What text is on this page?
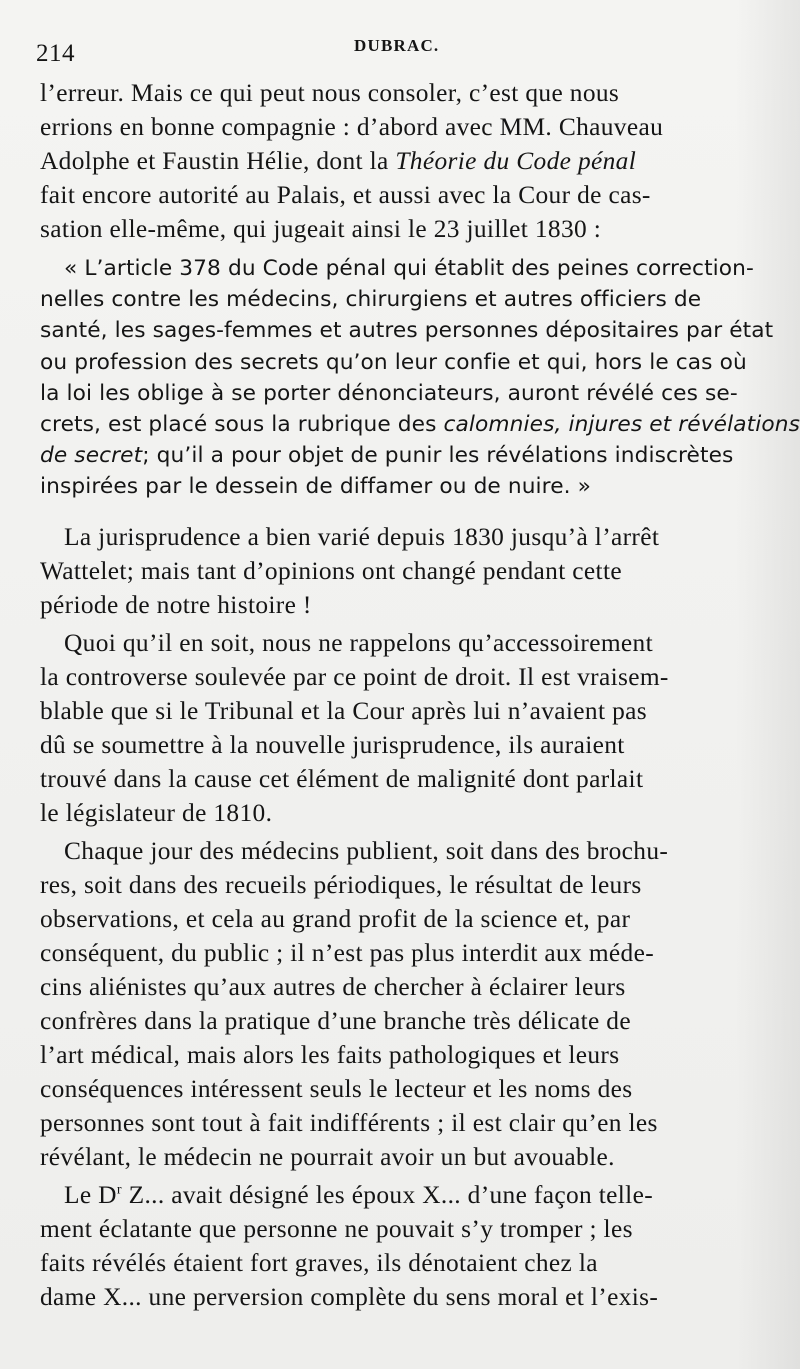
214	DUBRAC.
l’erreur. Mais ce qui peut nous consoler, c’est que nous
errions en bonne compagnie : d’abord avec MM. Chauveau
Adolphe et Faustin Hélie, dont la Théorie du Code pénal
fait encore autorité au Palais, et aussi avec la Cour de cas-
sation elle-même, qui jugeait ainsi le 23 juillet 1830 :
« L’article 378 du Code pénal qui établit des peines correction-
nelles contre les médecins, chirurgiens et autres officiers de
santé, les sages-femmes et autres personnes dépositaires par état
ou profession des secrets qu’on leur confie et qui, hors le cas où
la loi les oblige à se porter dénonciateurs, auront révélé ces se-
crets, est placé sous la rubrique des calomnies, injures et révélations
de secret; qu’il a pour objet de punir les révélations indiscrètes
inspirées par le dessein de diffamer ou de nuire. »
La jurisprudence a bien varié depuis 1830 jusqu’à l’arrêt
Wattelet; mais tant d’opinions ont changé pendant cette
période de notre histoire !
Quoi qu’il en soit, nous ne rappelons qu’accessoirement
la controverse soulevée par ce point de droit. Il est vraisem-
blable que si le Tribunal et la Cour après lui n’avaient pas
dû se soumettre à la nouvelle jurisprudence, ils auraient
trouvé dans la cause cet élément de malignité dont parlait
le législateur de 1810.
Chaque jour des médecins publient, soit dans des brochu-
res, soit dans des recueils périodiques, le résultat de leurs
observations, et cela au grand profit de la science et, par
conséquent, du public ; il n’est pas plus interdit aux méde-
cins aliénistes qu’aux autres de chercher à éclairer leurs
confrères dans la pratique d’une branche très délicate de
l’art médical, mais alors les faits pathologiques et leurs
conséquences intéressent seuls le lecteur et les noms des
personnes sont tout à fait indifférents ; il est clair qu’en les
révélant, le médecin ne pourrait avoir un but avouable.
Le $D^r$ Z... avait désigné les époux X... d’une façon telle-
ment éclatante que personne ne pouvait s’y tromper ; les
faits révélés étaient fort graves, ils dénotaient chez la
dame X... une perversion complète du sens moral et l’exis-
